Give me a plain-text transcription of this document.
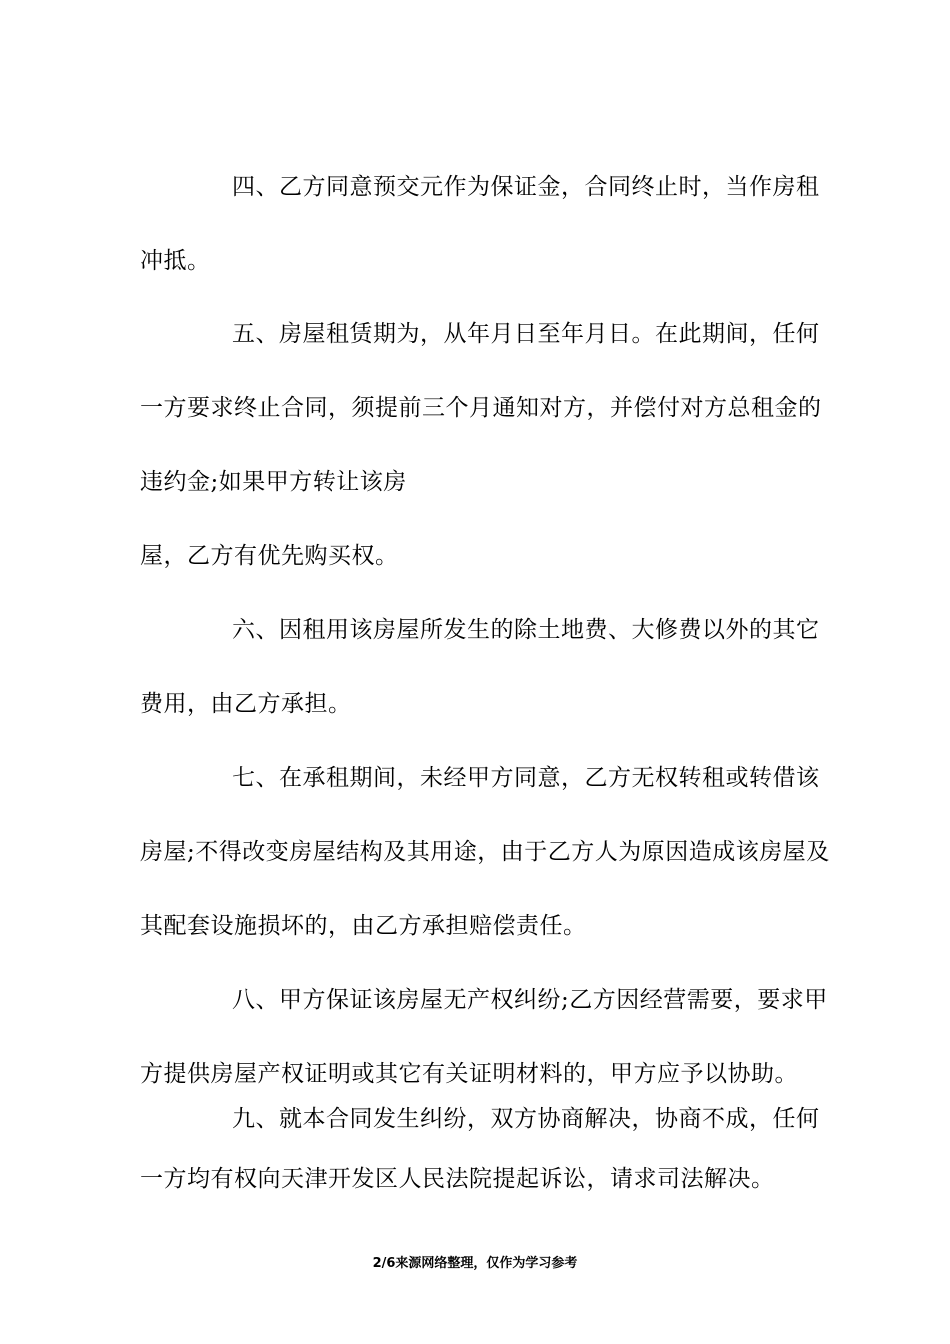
四、乙方同意预交元作为保证金，合同终止时，当作房租
冲抵。
五、房屋租赁期为，从年月日至年月日。在此期间，任何
一方要求终止合同，须提前三个月通知对方，并偿付对方总租金的
违约金;如果甲方转让该房
屋，乙方有优先购买权。
六、因租用该房屋所发生的除土地费、大修费以外的其它
费用，由乙方承担。
七、在承租期间，未经甲方同意，乙方无权转租或转借该
房屋;不得改变房屋结构及其用途，由于乙方人为原因造成该房屋及
其配套设施损坏的，由乙方承担赔偿责任。
八、甲方保证该房屋无产权纠纷;乙方因经营需要，要求甲
方提供房屋产权证明或其它有关证明材料的，甲方应予以协助。
九、就本合同发生纠纷，双方协商解决，协商不成，任何
一方均有权向天津开发区人民法院提起诉讼，请求司法解决。
2/6来源网络整理，仅作为学习参考
